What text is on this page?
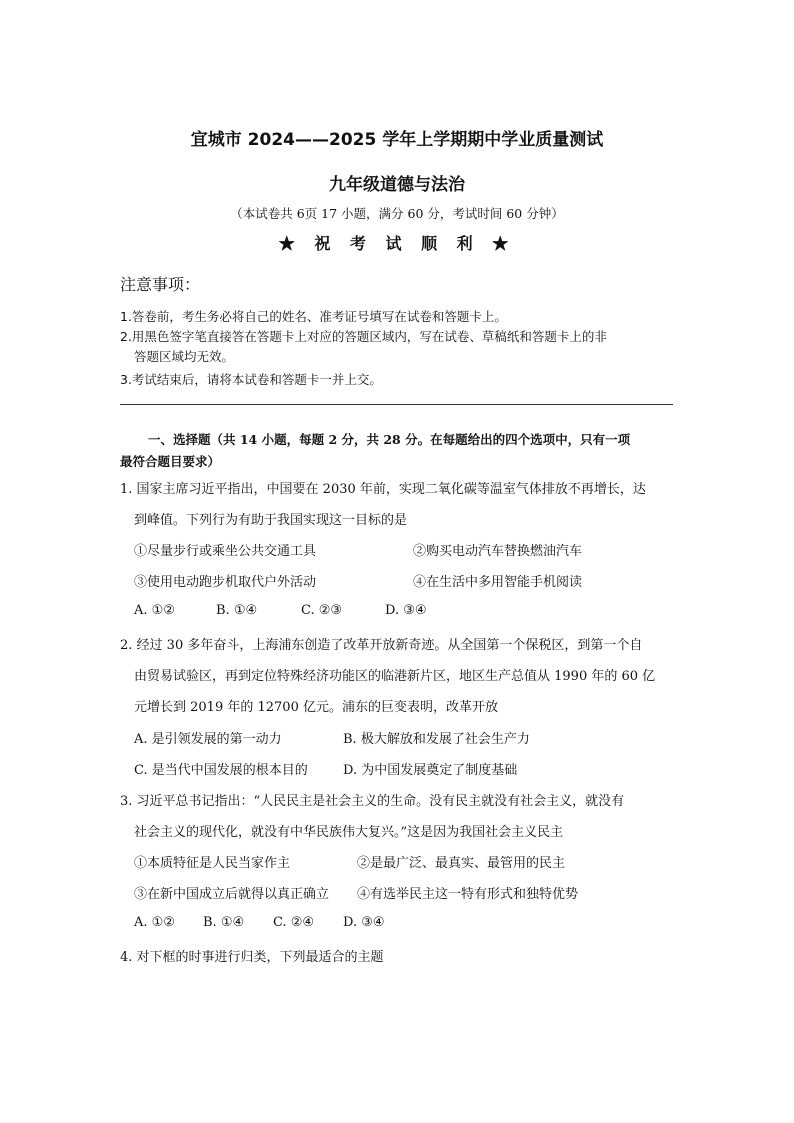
宜城市 2024——2025 学年上学期期中学业质量测试
九年级道德与法治
（本试卷共 6页 17 小题，满分 60 分，考试时间 60 分钟）
★ 祝 考 试 顺 利 ★
注意事项：
1.答卷前，考生务必将自己的姓名、准考证号填写在试卷和答题卡上。
2.用黑色签字笔直接答在答题卡上对应的答题区域内，写在试卷、草稿纸和答题卡上的非
答题区域均无效。
3.考试结束后，请将本试卷和答题卡一并上交。
一、选择题（共 14 小题，每题 2 分，共 28 分。在每题给出的四个选项中，只有一项
最符合题目要求）
1. 国家主席习近平指出，中国要在 2030 年前，实现二氧化碳等温室气体排放不再增长，达
到峰值。下列行为有助于我国实现这一目标的是
①尽量步行或乘坐公共交通工具	②购买电动汽车替换燃油汽车
③使用电动跑步机取代户外活动	④在生活中多用智能手机阅读
A. ①②	B. ①④	C. ②③	D. ③④
2. 经过 30 多年奋斗，上海浦东创造了改革开放新奇迹。从全国第一个保税区，到第一个自
由贸易试验区，再到定位特殊经济功能区的临港新片区，地区生产总值从 1990 年的 60 亿
元增长到 2019 年的 12700 亿元。浦东的巨变表明，改革开放
A. 是引领发展的第一动力	B. 极大解放和发展了社会生产力
C. 是当代中国发展的根本目的	D. 为中国发展奠定了制度基础
3. 习近平总书记指出：“人民民主是社会主义的生命。没有民主就没有社会主义，就没有
社会主义的现代化，就没有中华民族伟大复兴。”这是因为我国社会主义民主
①本质特征是人民当家作主	②是最广泛、最真实、最管用的民主
③在新中国成立后就得以真正确立 ④有选举民主这一特有形式和独特优势
A. ①② B. ①④ C. ②④ D. ③④
4. 对下框的时事进行归类，下列最适合的主题
